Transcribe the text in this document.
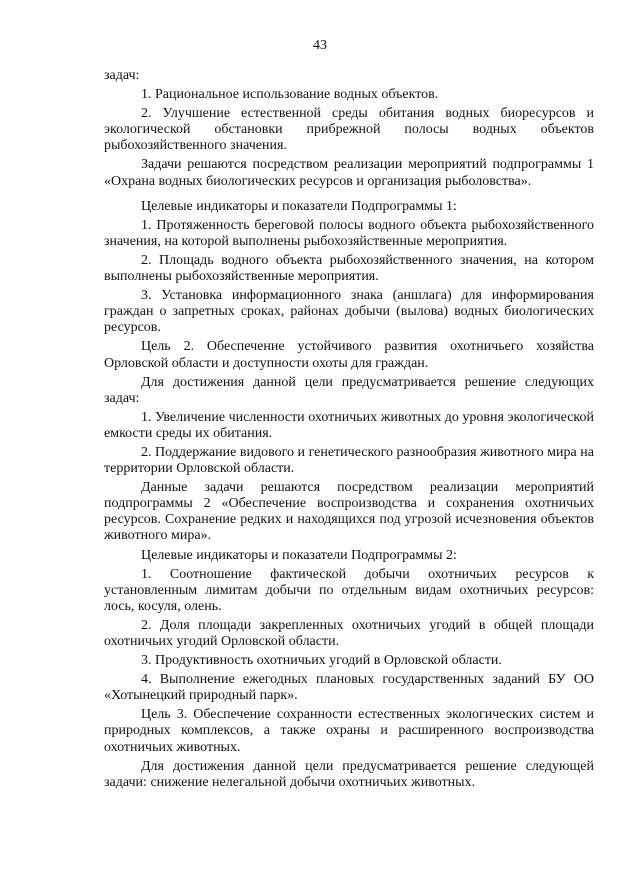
43

задач:

1. Рациональное использование водных объектов.

2. Улучшение естественной среды обитания водных биоресурсов и экологической обстановки прибрежной полосы водных объектов рыбохозяйственного значения.

Задачи решаются посредством реализации мероприятий подпрограммы 1 «Охрана водных биологических ресурсов и организация рыболовства».

Целевые индикаторы и показатели Подпрограммы 1:

1. Протяженность береговой полосы водного объекта рыбохозяйственного значения, на которой выполнены рыбохозяйственные мероприятия.

2. Площадь водного объекта рыбохозяйственного значения, на котором выполнены рыбохозяйственные мероприятия.

3. Установка информационного знака (аншлага) для информирования граждан о запретных сроках, районах добычи (вылова) водных биологических ресурсов.

Цель 2. Обеспечение устойчивого развития охотничьего хозяйства Орловской области и доступности охоты для граждан.

Для достижения данной цели предусматривается решение следующих задач:

1. Увеличение численности охотничьих животных до уровня экологической емкости среды их обитания.

2. Поддержание видового и генетического разнообразия животного мира на территории Орловской области.

Данные задачи решаются посредством реализации мероприятий подпрограммы 2 «Обеспечение воспроизводства и сохранения охотничьих ресурсов. Сохранение редких и находящихся под угрозой исчезновения объектов животного мира».

Целевые индикаторы и показатели Подпрограммы 2:

1. Соотношение фактической добычи охотничьих ресурсов к установленным лимитам добычи по отдельным видам охотничьих ресурсов: лось, косуля, олень.

2. Доля площади закрепленных охотничьих угодий в общей площади охотничьих угодий Орловской области.

3. Продуктивность охотничьих угодий в Орловской области.

4. Выполнение ежегодных плановых государственных заданий БУ ОО «Хотынецкий природный парк».

Цель 3. Обеспечение сохранности естественных экологических систем и природных комплексов, а также охраны и расширенного воспроизводства охотничьих животных.

Для достижения данной цели предусматривается решение следующей задачи: снижение нелегальной добычи охотничьих животных.
